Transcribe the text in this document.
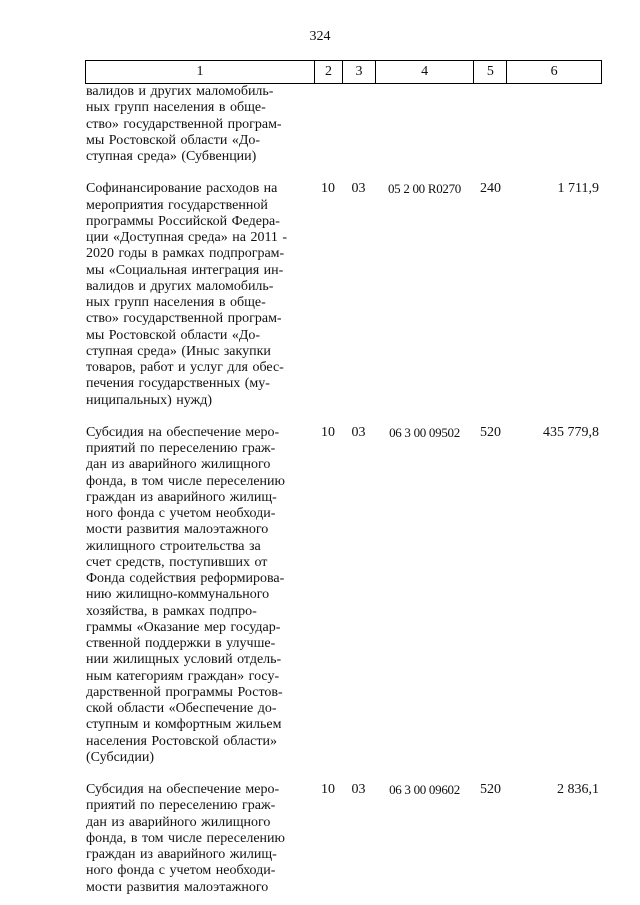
324
1	2	3	4	5	6
валидов и других маломобиль-
ных групп населения в обще-
ство» государственной програм-
мы Ростовской области «До-
ступная среда» (Субвенции)
Софинансирование расходов на
мероприятия государственной
программы Российской Федера-
ции «Доступная среда» на 2011 -
2020 годы в рамках подпрограм-
мы «Социальная интеграция ин-
валидов и других маломобиль-
ных групп населения в обще-
ство» государственной програм-
мы Ростовской области «До-
ступная среда» (Иныс закупки
товаров, работ и услуг для обес-
печения государственных (му-
ниципальных) нужд)
10	03	05 2 00 R0270	240	1 711,9
Субсидия на обеспечение меро-
приятий по переселению граж-
дан из аварийного жилищного
фонда, в том числе переселению
граждан из аварийного жилищ-
ного фонда с учетом необходи-
мости развития малоэтажного
жилищного строительства за
счет средств, поступивших от
Фонда содействия реформирова-
нию жилищно-коммунального
хозяйства, в рамках подпро-
граммы «Оказание мер государ-
ственной поддержки в улучше-
нии жилищных условий отдель-
ным категориям граждан» госу-
дарственной программы Ростов-
ской области «Обеспечение до-
ступным и комфортным жильем
населения Ростовской области»
(Субсидии)
10	03	06 3 00 09502	520	435 779,8
Субсидия на обеспечение меро-
приятий по переселению граж-
дан из аварийного жилищного
фонда, в том числе переселению
граждан из аварийного жилищ-
ного фонда с учетом необходи-
мости развития малоэтажного
10	03	06 3 00 09602	520	2 836,1
